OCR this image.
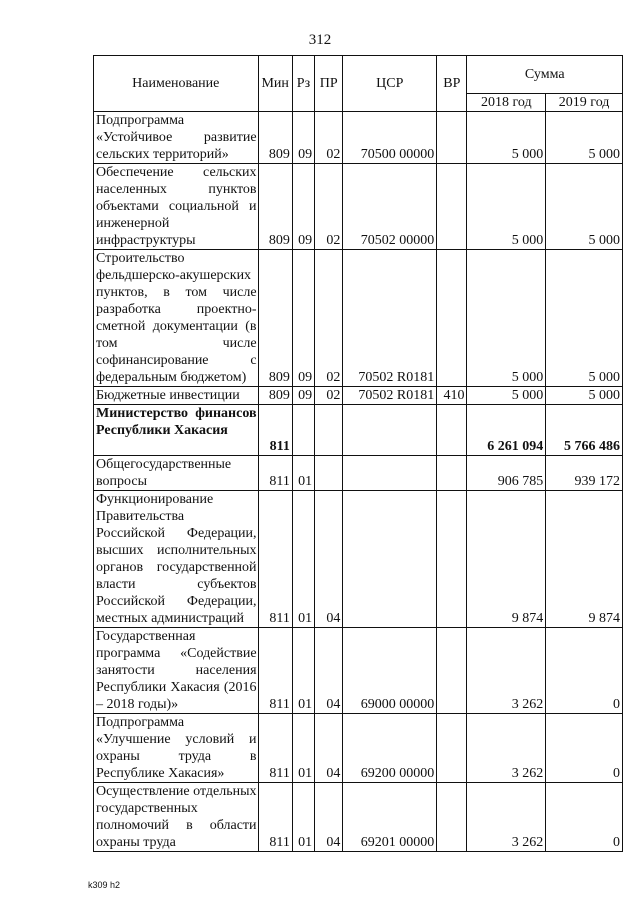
312
Наименование	Мин	Рз	ПР	ЦСР	ВР	Сумма	
						2018 год	2019 год
Подпрограмма «Устойчивое развитие сельских территорий»	809	09	02	70500 00000		5 000	5 000
Обеспечение сельских населенных пунктов объектами социальной и инженерной инфраструктуры	809	09	02	70502 00000		5 000	5 000
Строительство фельдшерско-акушерских пунктов, в том числе разработка проектно-сметной документации (в том числе софинансирование с федеральным бюджетом)	809	09	02	70502 R0181		5 000	5 000
Бюджетные инвестиции	809	09	02	70502 R0181	410	5 000	5 000
Министерство финансов Республики Хакасия	811					6 261 094	5 766 486
Общегосударственные вопросы	811	01				906 785	939 172
Функционирование Правительства Российской Федерации, высших исполнительных органов государственной власти субъектов Российской Федерации, местных администраций	811	01	04			9 874	9 874
Государственная программа «Содействие занятости населения Республики Хакасия (2016 – 2018 годы)»	811	01	04	69000 00000		3 262	0
Подпрограмма «Улучшение условий и охраны труда в Республике Хакасия»	811	01	04	69200 00000		3 262	0
Осуществление отдельных государственных полномочий в области охраны труда	811	01	04	69201 00000		3 262	0
k309 h2
